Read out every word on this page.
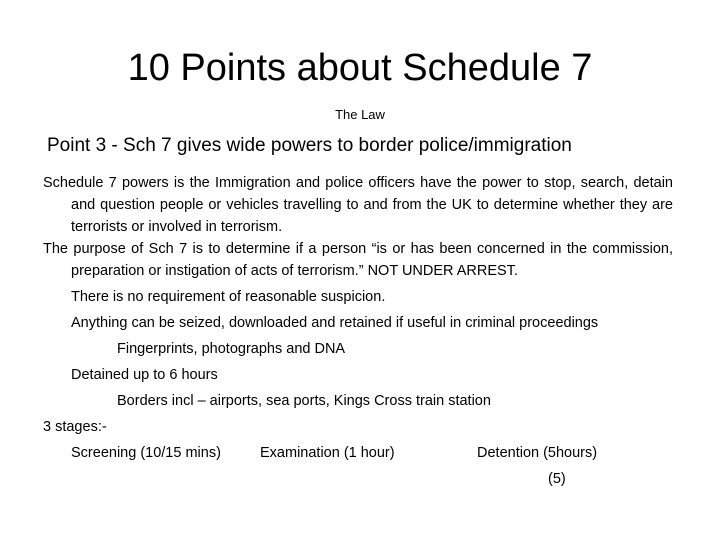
10 Points about Schedule 7
The Law
Point 3 - Sch 7 gives wide powers to border police/immigration

Schedule 7 powers is the Immigration and police officers have the power to stop, search, detain and question people or vehicles travelling to and from the UK to determine whether they are terrorists or involved in terrorism.

The purpose of Sch 7 is to determine if a person “is or has been concerned in the commission, preparation or instigation of acts of terrorism.” NOT UNDER ARREST.

There is no requirement of reasonable suspicion.
Anything can be seized, downloaded and retained if useful in criminal proceedings
Fingerprints, photographs and DNA
Detained up to 6 hours
Borders incl – airports, sea ports, Kings Cross train station
3 stages:-
Screening (10/15 mins)	Examination (1 hour)	Detention (5hours)
(5)
